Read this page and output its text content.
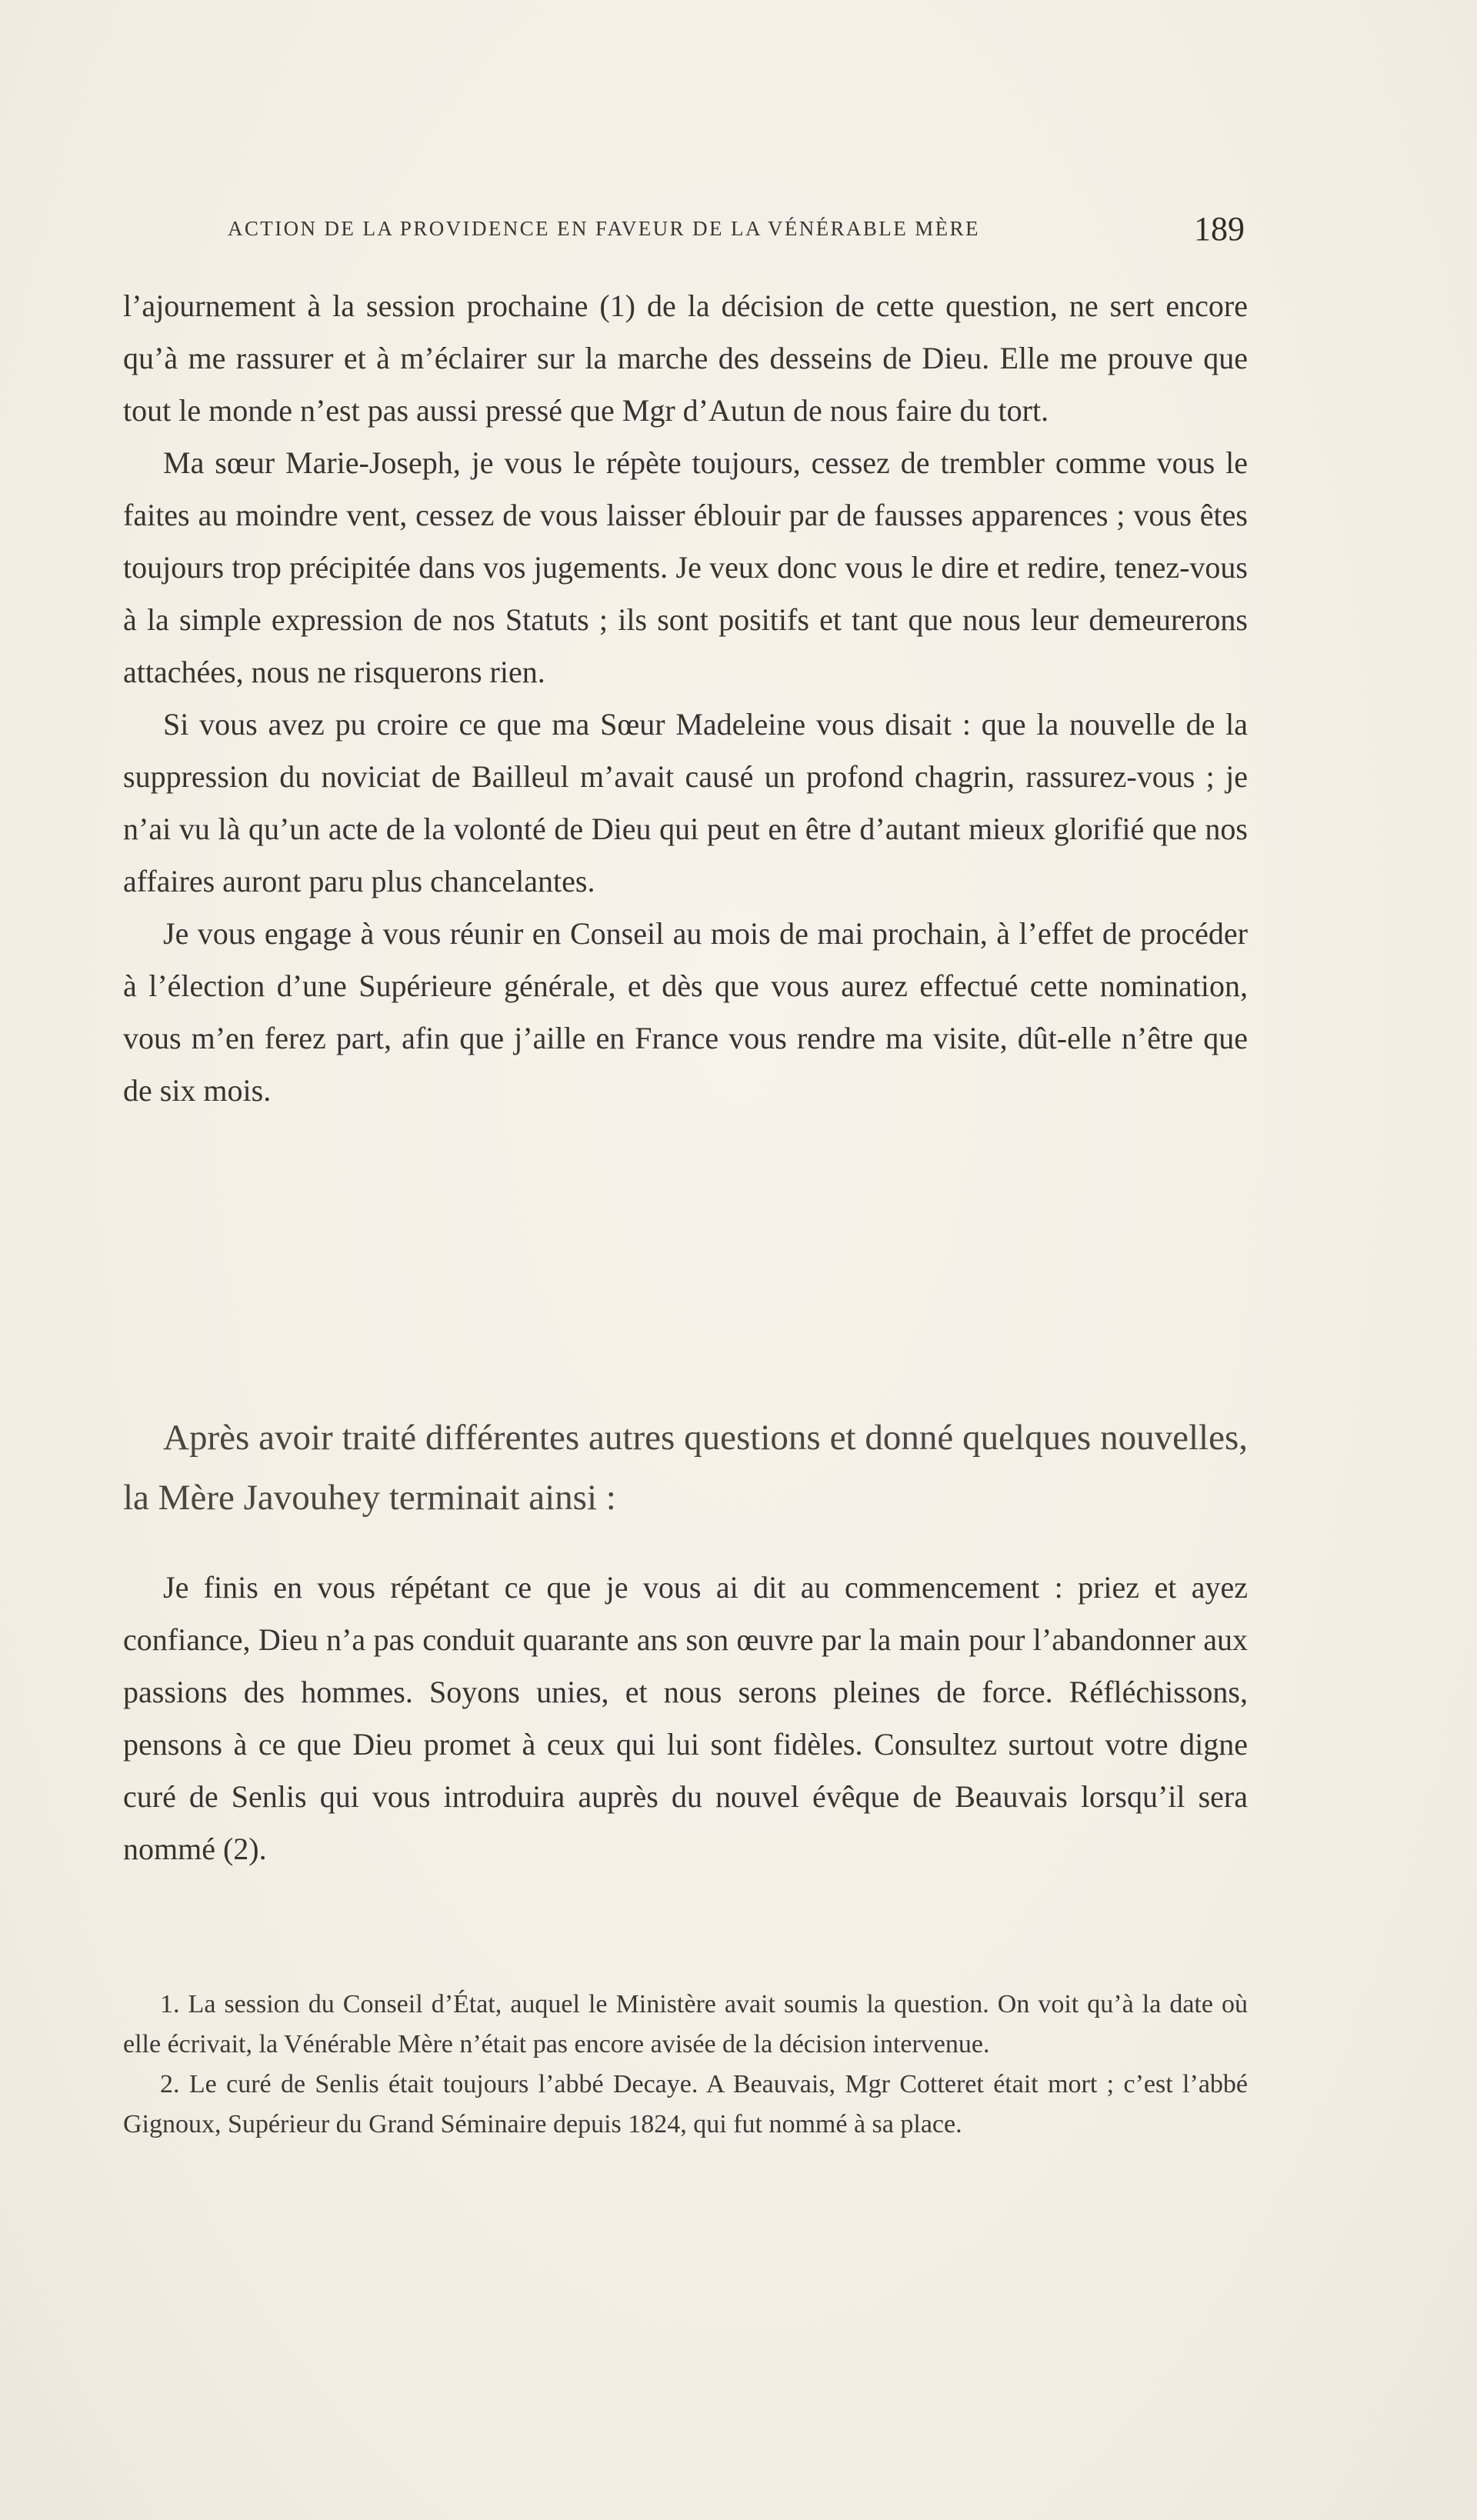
ACTION DE LA PROVIDENCE EN FAVEUR DE LA VÉNÉRABLE MÈRE	189

l’ajournement à la session prochaine (1) de la décision de cette question, ne sert encore qu’à me rassurer et à m’éclairer sur la marche des desseins de Dieu. Elle me prouve que tout le monde n’est pas aussi pressé que Mgr d’Autun de nous faire du tort.

Ma sœur Marie-Joseph, je vous le répète toujours, cessez de trembler comme vous le faites au moindre vent, cessez de vous laisser éblouir par de fausses apparences ; vous êtes toujours trop précipitée dans vos jugements. Je veux donc vous le dire et redire, tenez-vous à la simple expression de nos Statuts ; ils sont positifs et tant que nous leur demeurerons attachées, nous ne risquerons rien.

Si vous avez pu croire ce que ma Sœur Madeleine vous disait : que la nouvelle de la suppression du noviciat de Bailleul m’avait causé un profond chagrin, rassurez-vous ; je n’ai vu là qu’un acte de la volonté de Dieu qui peut en être d’autant mieux glorifié que nos affaires auront paru plus chancelantes.

Je vous engage à vous réunir en Conseil au mois de mai prochain, à l’effet de procéder à l’élection d’une Supérieure générale, et dès que vous aurez effectué cette nomination, vous m’en ferez part, afin que j’aille en France vous rendre ma visite, dût-elle n’être que de six mois.

Après avoir traité différentes autres questions et donné quelques nouvelles, la Mère Javouhey terminait ainsi :

Je finis en vous répétant ce que je vous ai dit au commencement : priez et ayez confiance, Dieu n’a pas conduit quarante ans son œuvre par la main pour l’abandonner aux passions des hommes. Soyons unies, et nous serons pleines de force. Réfléchissons, pensons à ce que Dieu promet à ceux qui lui sont fidèles. Consultez surtout votre digne curé de Senlis qui vous introduira auprès du nouvel évêque de Beauvais lorsqu’il sera nommé (2).

1. La session du Conseil d’État, auquel le Ministère avait soumis la question. On voit qu’à la date où elle écrivait, la Vénérable Mère n’était pas encore avisée de la décision intervenue.

2. Le curé de Senlis était toujours l’abbé Decaye. A Beauvais, Mgr Cotteret était mort ; c’est l’abbé Gignoux, Supérieur du Grand Séminaire depuis 1824, qui fut nommé à sa place.
